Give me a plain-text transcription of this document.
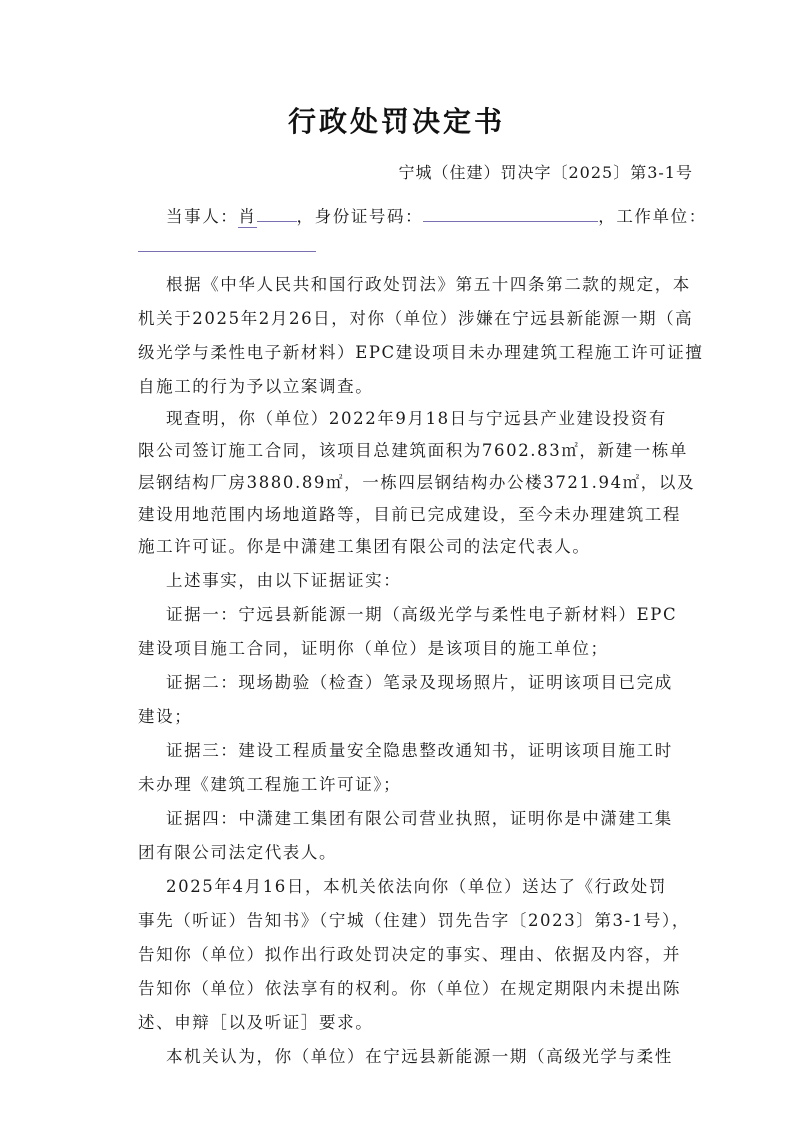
行政处罚决定书
宁城（住建）罚决字〔2025〕第3-1号
当事人：肖 ，身份证号码：	，工作单位：
根据《中华人民共和国行政处罚法》第五十四条第二款的规定，本
机关于2025年2月26日，对你（单位）涉嫌在宁远县新能源一期（高
级光学与柔性电子新材料）EPC建设项目未办理建筑工程施工许可证擅
自施工的行为予以立案调查。
现查明，你（单位）2022年9月18日与宁远县产业建设投资有
限公司签订施工合同，该项目总建筑面积为7602.83㎡，新建一栋单
层钢结构厂房3880.89㎡，一栋四层钢结构办公楼3721.94㎡，以及
建设用地范围内场地道路等，目前已完成建设，至今未办理建筑工程
施工许可证。你是中潇建工集团有限公司的法定代表人。
上述事实，由以下证据证实：
证据一：宁远县新能源一期（高级光学与柔性电子新材料）EPC
建设项目施工合同，证明你（单位）是该项目的施工单位；
证据二：现场勘验（检查）笔录及现场照片，证明该项目已完成
建设；
证据三：建设工程质量安全隐患整改通知书，证明该项目施工时
未办理《建筑工程施工许可证》；
证据四：中潇建工集团有限公司营业执照，证明你是中潇建工集
团有限公司法定代表人。
2025年4月16日，本机关依法向你（单位）送达了《行政处罚
事先（听证）告知书》（宁城（住建）罚先告字〔2023〕第3-1号），
告知你（单位）拟作出行政处罚决定的事实、理由、依据及内容，并
告知你（单位）依法享有的权利。你（单位）在规定期限内未提出陈
述、申辩［以及听证］要求。
本机关认为，你（单位）在宁远县新能源一期（高级光学与柔性
